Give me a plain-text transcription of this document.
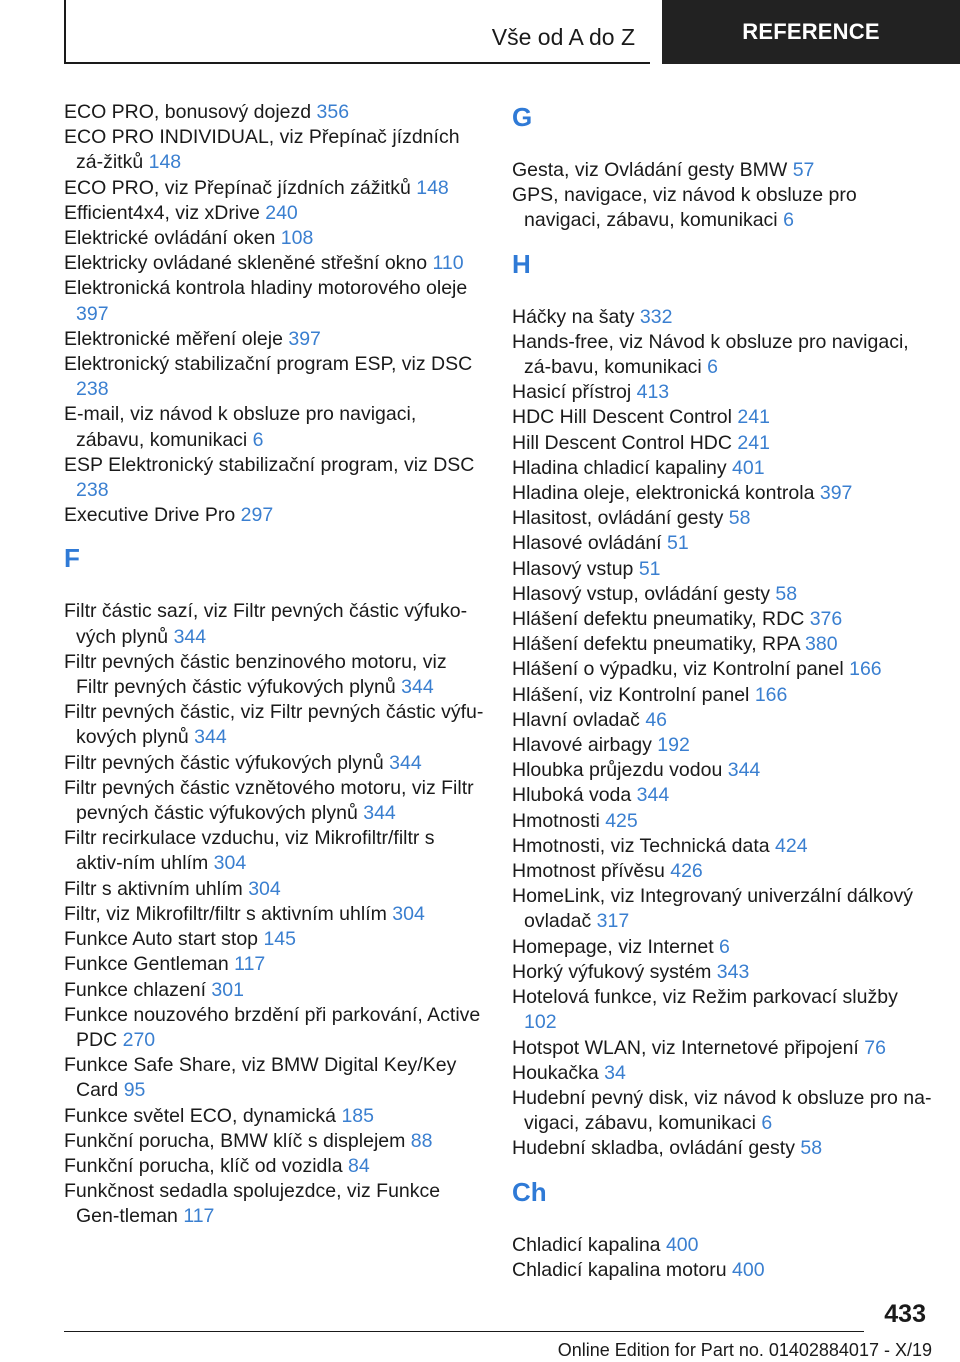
Vše od A do Z	REFERENCE
ECO PRO, bonusový dojezd 356
ECO PRO INDIVIDUAL, viz Přepínač jízdních zá‐žitků 148
ECO PRO, viz Přepínač jízdních zážitků 148
Efficient4x4, viz xDrive 240
Elektrické ovládání oken 108
Elektricky ovládané skleněné střešní okno 110
Elektronická kontrola hladiny motorového oleje 397
Elektronické měření oleje 397
Elektronický stabilizační program ESP, viz DSC 238
E-mail, viz návod k obsluze pro navigaci, zábavu, komunikaci 6
ESP Elektronický stabilizační program, viz DSC 238
Executive Drive Pro 297
F
Filtr částic sazí, viz Filtr pevných částic výfuko‐vých plynů 344
Filtr pevných částic benzinového motoru, viz Filtr pevných částic výfukových plynů 344
Filtr pevných částic, viz Filtr pevných částic výfu‐kových plynů 344
Filtr pevných částic výfukových plynů 344
Filtr pevných částic vznětového motoru, viz Filtr pevných částic výfukových plynů 344
Filtr recirkulace vzduchu, viz Mikrofiltr/filtr s aktiv‐ním uhlím 304
Filtr s aktivním uhlím 304
Filtr, viz Mikrofiltr/filtr s aktivním uhlím 304
Funkce Auto start stop 145
Funkce Gentleman 117
Funkce chlazení 301
Funkce nouzového brzdění při parkování, Active PDC 270
Funkce Safe Share, viz BMW Digital Key/Key Card 95
Funkce světel ECO, dynamická 185
Funkční porucha, BMW klíč s displejem 88
Funkční porucha, klíč od vozidla 84
Funkčnost sedadla spolujezdce, viz Funkce Gen‐tleman 117
G
Gesta, viz Ovládání gesty BMW 57
GPS, navigace, viz návod k obsluze pro navigaci, zábavu, komunikaci 6
H
Háčky na šaty 332
Hands-free, viz Návod k obsluze pro navigaci, zá‐bavu, komunikaci 6
Hasicí přístroj 413
HDC Hill Descent Control 241
Hill Descent Control HDC 241
Hladina chladicí kapaliny 401
Hladina oleje, elektronická kontrola 397
Hlasitost, ovládání gesty 58
Hlasové ovládání 51
Hlasový vstup 51
Hlasový vstup, ovládání gesty 58
Hlášení defektu pneumatiky, RDC 376
Hlášení defektu pneumatiky, RPA 380
Hlášení o výpadku, viz Kontrolní panel 166
Hlášení, viz Kontrolní panel 166
Hlavní ovladač 46
Hlavové airbagy 192
Hloubka průjezdu vodou 344
Hluboká voda 344
Hmotnosti 425
Hmotnosti, viz Technická data 424
Hmotnost přívěsu 426
HomeLink, viz Integrovaný univerzální dálkový ovladač 317
Homepage, viz Internet 6
Horký výfukový systém 343
Hotelová funkce, viz Režim parkovací služby 102
Hotspot WLAN, viz Internetové připojení 76
Houkačka 34
Hudební pevný disk, viz návod k obsluze pro na‐vigaci, zábavu, komunikaci 6
Hudební skladba, ovládání gesty 58
Ch
Chladicí kapalina 400
Chladicí kapalina motoru 400
433
Online Edition for Part no. 01402884017 - X/19
